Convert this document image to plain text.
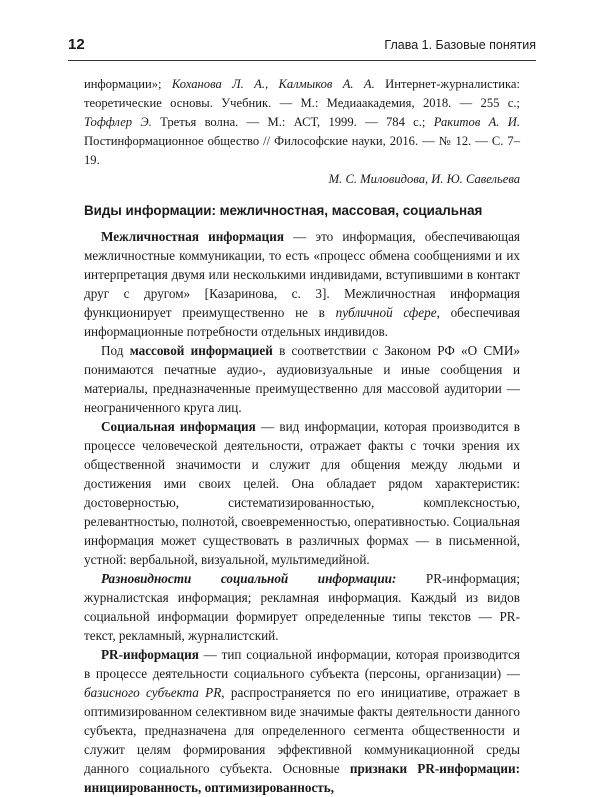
12	Глава 1. Базовые понятия

информации»; Коханова Л. А., Калмыков А. А. Интернет-журналистика: теоретические основы. Учебник. — М.: Медиаакадемия, 2018. — 255 с.; Тоффлер Э. Третья волна. — М.: АСТ, 1999. — 784 с.; Ракитов А. И. Постинформационное общество // Философские науки, 2016. — № 12. — С. 7–19.

М. С. Миловидова, И. Ю. Савельева

Виды информации: межличностная, массовая, социальная

Межличностная информация — это информация, обеспечивающая межличностные коммуникации, то есть «процесс обмена сообщениями и их интерпретация двумя или несколькими индивидами, вступившими в контакт друг с другом» [Казаринова, с. 3]. Межличностная информация функционирует преимущественно не в публичной сфере, обеспечивая информационные потребности отдельных индивидов.

Под массовой информацией в соответствии с Законом РФ «О СМИ» понимаются печатные аудио-, аудиовизуальные и иные сообщения и материалы, предназначенные преимущественно для массовой аудитории — неограниченного круга лиц.

Социальная информация — вид информации, которая производится в процессе человеческой деятельности, отражает факты с точки зрения их общественной значимости и служит для общения между людьми и достижения ими своих целей. Она обладает рядом характеристик: достоверностью, систематизированностью, комплексностью, релевантностью, полнотой, своевременностью, оперативностью. Социальная информация может существовать в различных формах — в письменной, устной: вербальной, визуальной, мультимедийной.

Разновидности социальной информации: PR-информация; журналистская информация; рекламная информация. Каждый из видов социальной информации формирует определенные типы текстов — PR-текст, рекламный, журналистский.

PR-информация — тип социальной информации, которая производится в процессе деятельности социального субъекта (персоны, организации) — базисного субъекта PR, распространяется по его инициативе, отражает в оптимизированном селективном виде значимые факты деятельности данного субъекта, предназначена для определенного сегмента общественности и служит целям формирования эффективной коммуникационной среды данного социального субъекта. Основные признаки PR-информации: инициированность, оптимизированность,
